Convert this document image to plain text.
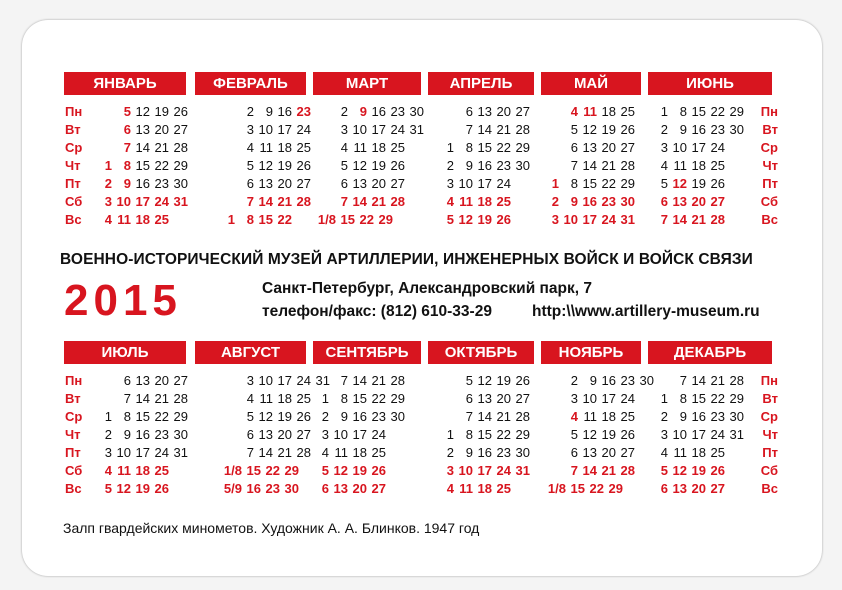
Пн
Вт
Ср
Чт
Пт
Сб
Вс
Пн
Вт
Ср
Чт
Пт
Сб
Вс
Пн
Вт
Ср
Чт
Пт
Сб
Вс
Пн
Вт
Ср
Чт
Пт
Сб
Вс
ЯНВАРЬ
5 12 19 26
6 13 20 27
7 14 21 28
1 8 15 22 29
2 9 16 23 30
3 10 17 24 31
4 11 18 25
ФЕВРАЛЬ
2 9 16 23
3 10 17 24
4 11 18 25
5 12 19 26
6 13 20 27
7 14 21 28
1 8 15 22
МАРТ
2 9 16 23 30
3 10 17 24 31
4 11 18 25
5 12 19 26
6 13 20 27
7 14 21 28
1/8 15 22 29
АПРЕЛЬ
6 13 20 27
7 14 21 28
1 8 15 22 29
2 9 16 23 30
3 10 17 24
4 11 18 25
5 12 19 26
МАЙ
4 11 18 25
5 12 19 26
6 13 20 27
7 14 21 28
1 8 15 22 29
2 9 16 23 30
3 10 17 24 31
ИЮНЬ
1 8 15 22 29
2 9 16 23 30
3 10 17 24
4 11 18 25
5 12 19 26
6 13 20 27
7 14 21 28
ИЮЛЬ
6 13 20 27
7 14 21 28
1 8 15 22 29
2 9 16 23 30
3 10 17 24 31
4 11 18 25
5 12 19 26
АВГУСТ
3 10 17 24 31
4 11 18 25
5 12 19 26
6 13 20 27
7 14 21 28
1/8 15 22 29
5/9 16 23 30
СЕНТЯБРЬ
7 14 21 28
1 8 15 22 29
2 9 16 23 30
3 10 17 24
4 11 18 25
5 12 19 26
6 13 20 27
ОКТЯБРЬ
5 12 19 26
6 13 20 27
7 14 21 28
1 8 15 22 29
2 9 16 23 30
3 10 17 24 31
4 11 18 25
НОЯБРЬ
2 9 16 23 30
3 10 17 24
4 11 18 25
5 12 19 26
6 13 20 27
7 14 21 28
1/8 15 22 29
ДЕКАБРЬ
7 14 21 28
1 8 15 22 29
2 9 16 23 30
3 10 17 24 31
4 11 18 25
5 12 19 26
6 13 20 27
ВОЕННО-ИСТОРИЧЕСКИЙ МУЗЕЙ АРТИЛЛЕРИИ, ИНЖЕНЕРНЫХ ВОЙСК И ВОЙСК СВЯЗИ
2015	Санкт-Петербург, Александровский парк, 7
телефон/факс: (812) 610-33-29	http:\\www.artillery-museum.ru
Залп гвардейских минометов. Художник А. А. Блинков. 1947 год
